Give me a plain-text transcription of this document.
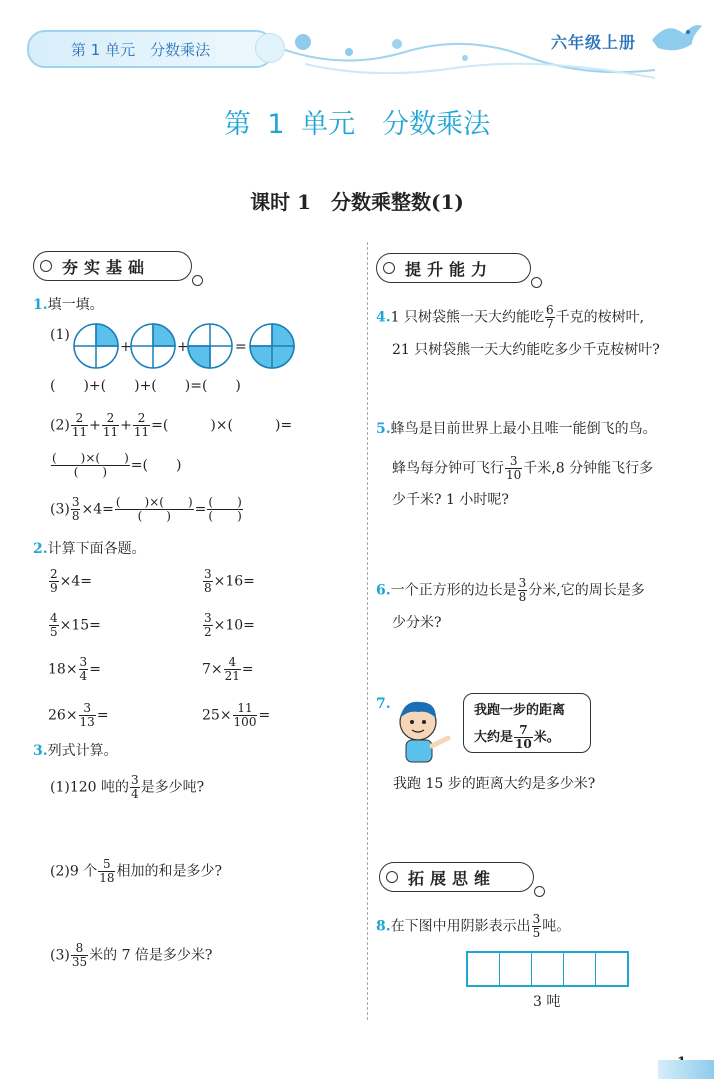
第 1 单元　分数乘法	六年级上册
第 1 单元　分数乘法
课时 1　分数乘整数(1)
夯实基础
1.填一填。
(1)
+	+	=
(　　)+(　　)+(　　)=(　　)
$(2) \frac{2}{11} + \frac{2}{11} + \frac{2}{11}$ =(　　　)×(　　　)=
$\frac{( )\times( )}{( )}$ =(　　)
$(3) \frac{3}{8} \times 4= \frac{( )\times( )}{( )} = \frac{( )}{( )}$
2.计算下面各题。
$\frac{2}{9} \times 4=$	$\frac{3}{8} \times 16=$
$\frac{4}{5} \times 15=$	$\frac{3}{2} \times 10=$
$18\times \frac{3}{4}$ =	$7\times \frac{4}{21}$ =
$26\times \frac{3}{13}$ =	$25\times \frac{11}{100}$ =
3.列式计算。
(1)120 吨的 $\frac{3}{4}$ 是多少吨?
(2)9 个 $\frac{5}{18}$ 相加的和是多少?
$(3) \frac{8}{35}$ 米的 7 倍是多少米?
提升能力
4.1 只树袋熊一天大约能吃 $\frac{6}{7}$ 千克的桉树叶,
21 只树袋熊一天大约能吃多少千克桉树叶?
5.蜂鸟是目前世界上最小且唯一能倒飞的鸟。
蜂鸟每分钟可飞行 $\frac{3}{10}$ 千米,8 分钟能飞行多
少千米? 1 小时呢?
6.一个正方形的边长是 $\frac{3}{8}$ 分米,它的周长是多
少分米?
7.	我跑一步的距离
大约是 $\frac{7}{10}$ 米。
我跑 15 步的距离大约是多少米?
拓展思维
8.在下图中用阴影表示出 $\frac{3}{5}$ 吨。
3 吨
